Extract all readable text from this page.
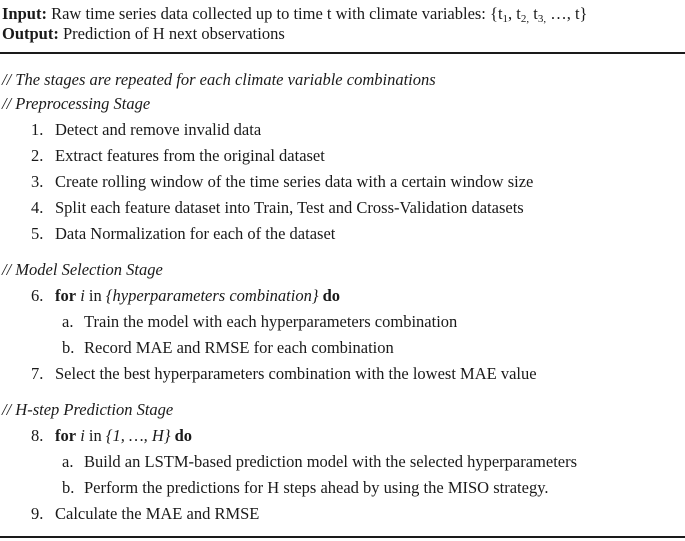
Input: Raw time series data collected up to time t with climate variables: {$t_1$, $t_{2,}$ $t_{3,}$ …, t}
Output: Prediction of H next observations
// The stages are repeated for each climate variable combinations
// Preprocessing Stage
1. Detect and remove invalid data
2. Extract features from the original dataset
3. Create rolling window of the time series data with a certain window size
4. Split each feature dataset into Train, Test and Cross-Validation datasets
5. Data Normalization for each of the dataset
// Model Selection Stage
6. for i in {hyperparameters combination} do
a. Train the model with each hyperparameters combination
b. Record MAE and RMSE for each combination
7. Select the best hyperparameters combination with the lowest MAE value
// H-step Prediction Stage
8. for i in {1, …, H} do
a. Build an LSTM-based prediction model with the selected hyperparameters
b. Perform the predictions for H steps ahead by using the MISO strategy.
9. Calculate the MAE and RMSE
